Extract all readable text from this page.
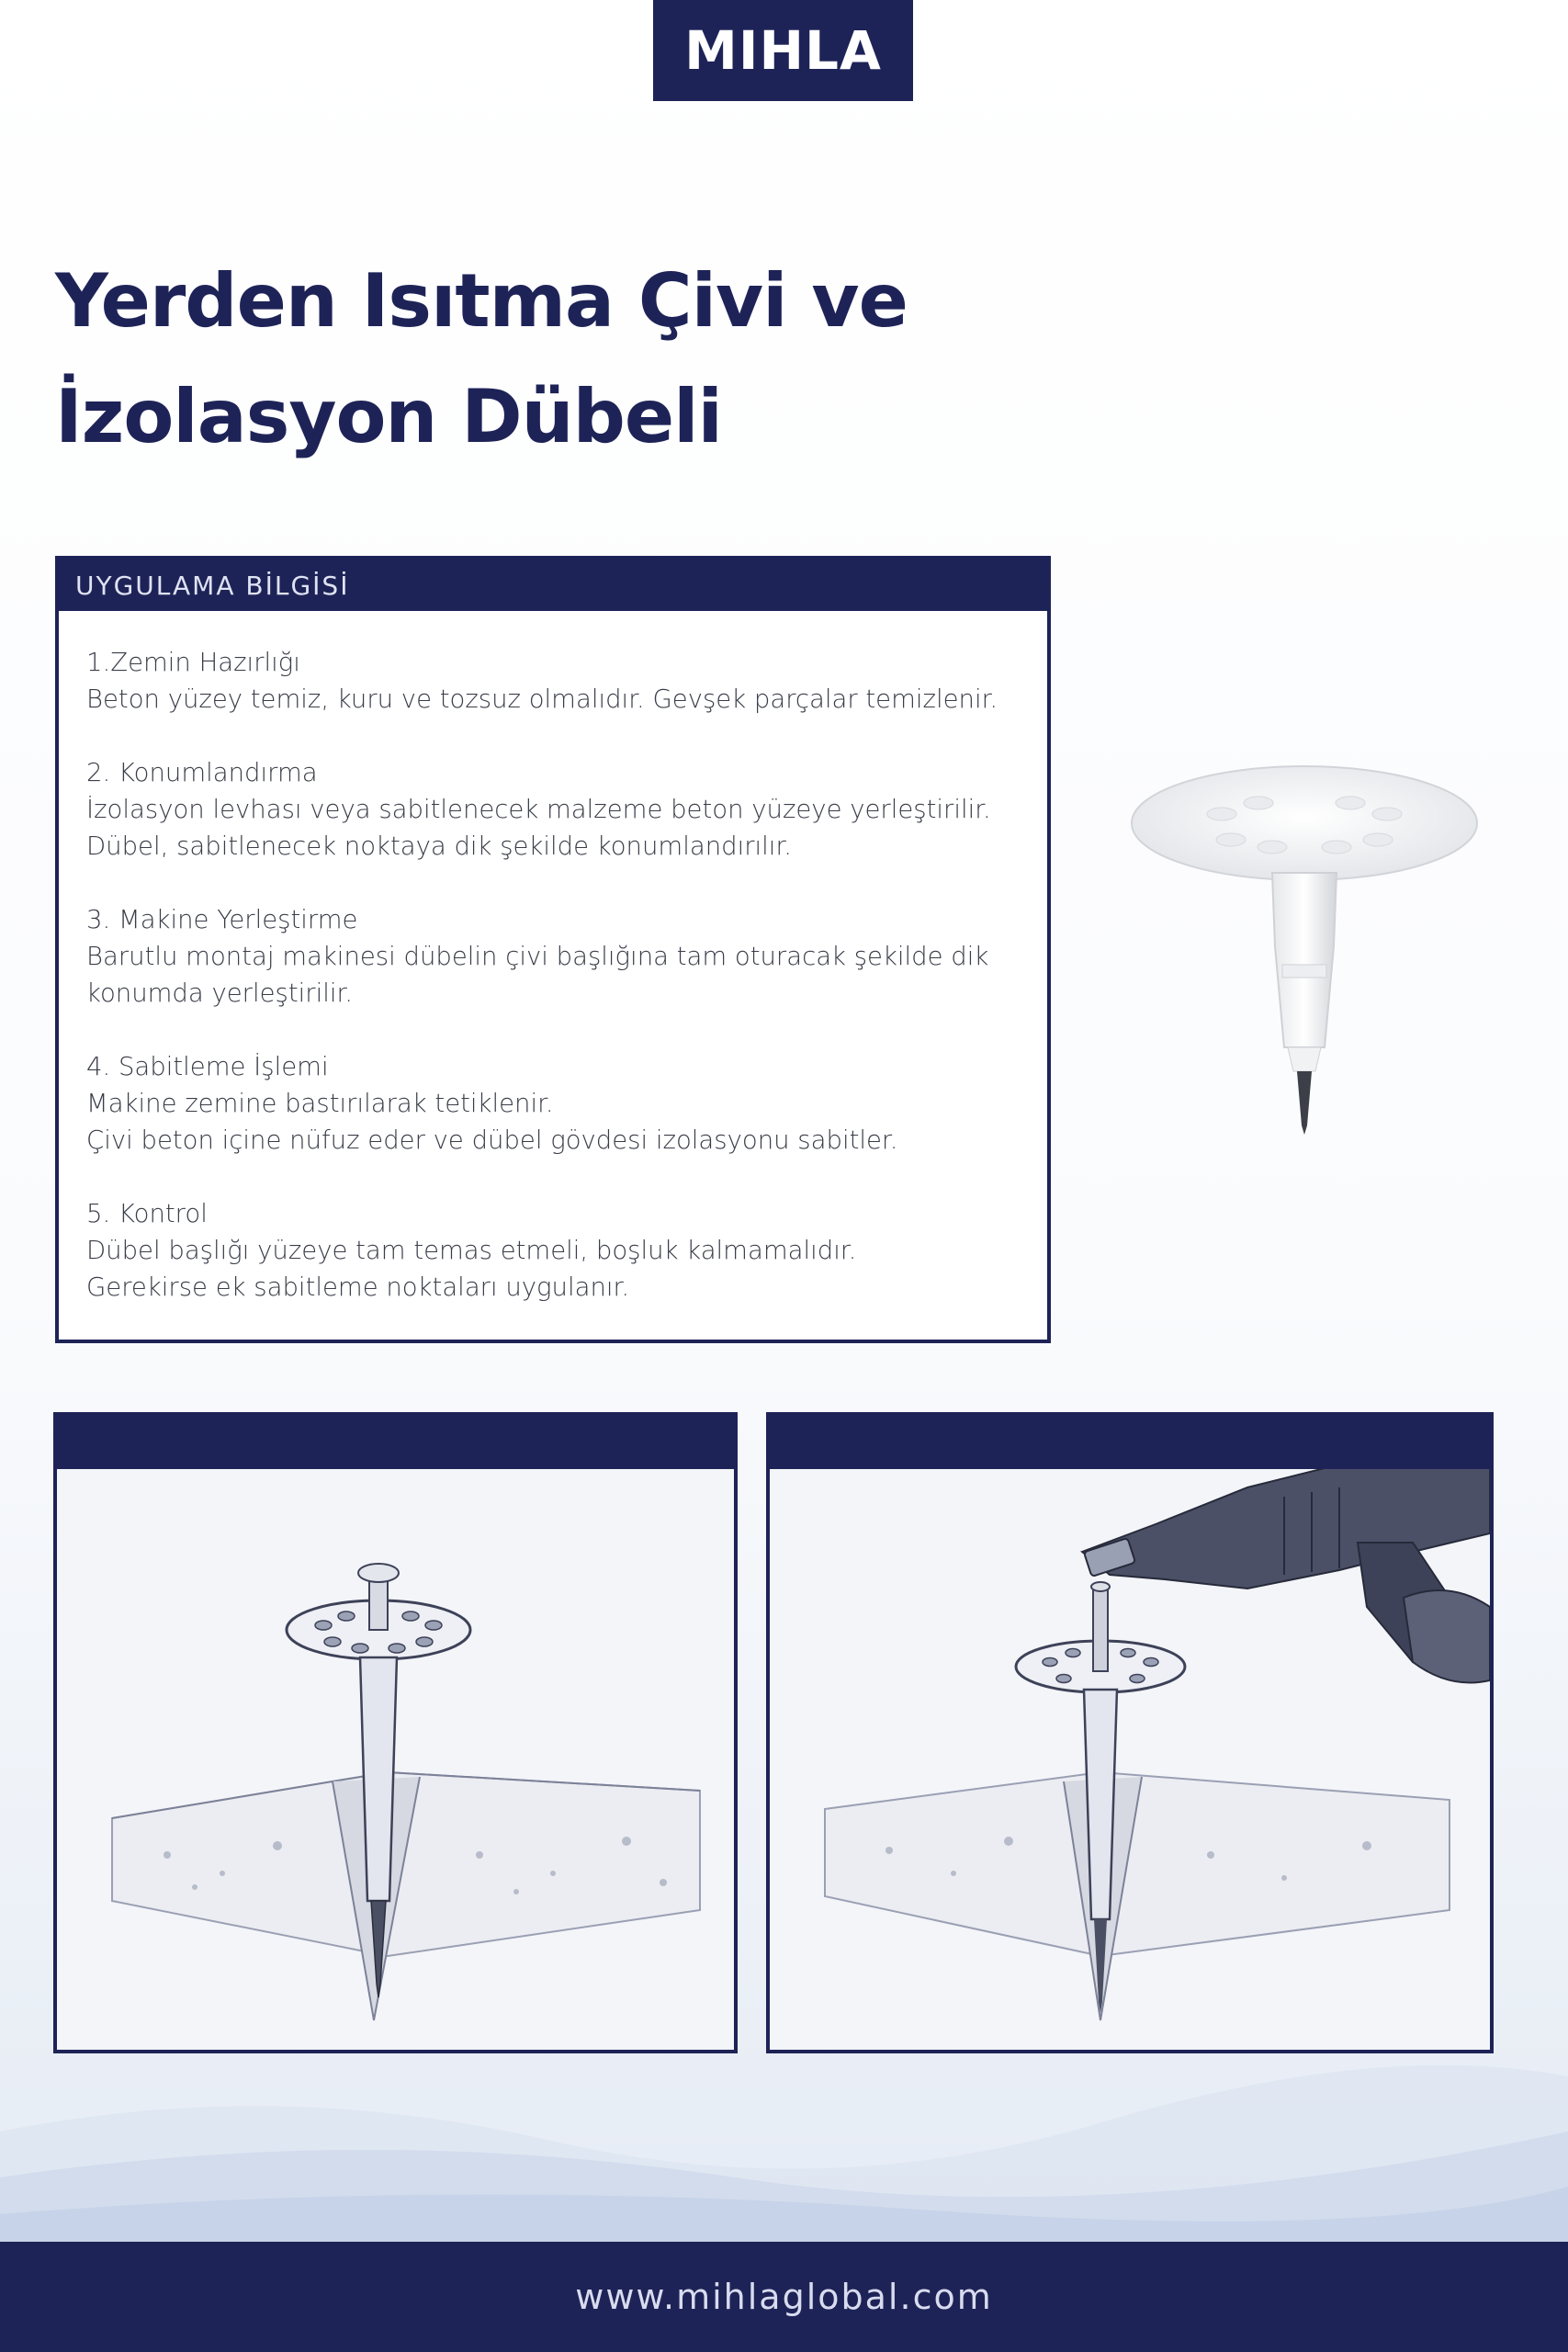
MIHLA
Yerden Isıtma Çivi ve
İzolasyon Dübeli
UYGULAMA BİLGİSİ
1.Zemin Hazırlığı
Beton yüzey temiz, kuru ve tozsuz olmalıdır. Gevşek parçalar temizlenir.
2. Konumlandırma
İzolasyon levhası veya sabitlenecek malzeme beton yüzeye yerleştirilir.
Dübel, sabitlenecek noktaya dik şekilde konumlandırılır.
3. Makine Yerleştirme
Barutlu montaj makinesi dübelin çivi başlığına tam oturacak şekilde dik
konumda yerleştirilir.
4. Sabitleme İşlemi
Makine zemine bastırılarak tetiklenir.
Çivi beton içine nüfuz eder ve dübel gövdesi izolasyonu sabitler.
5. Kontrol
Dübel başlığı yüzeye tam temas etmeli, boşluk kalmamalıdır.
Gerekirse ek sabitleme noktaları uygulanır.
www.mihlaglobal.com
